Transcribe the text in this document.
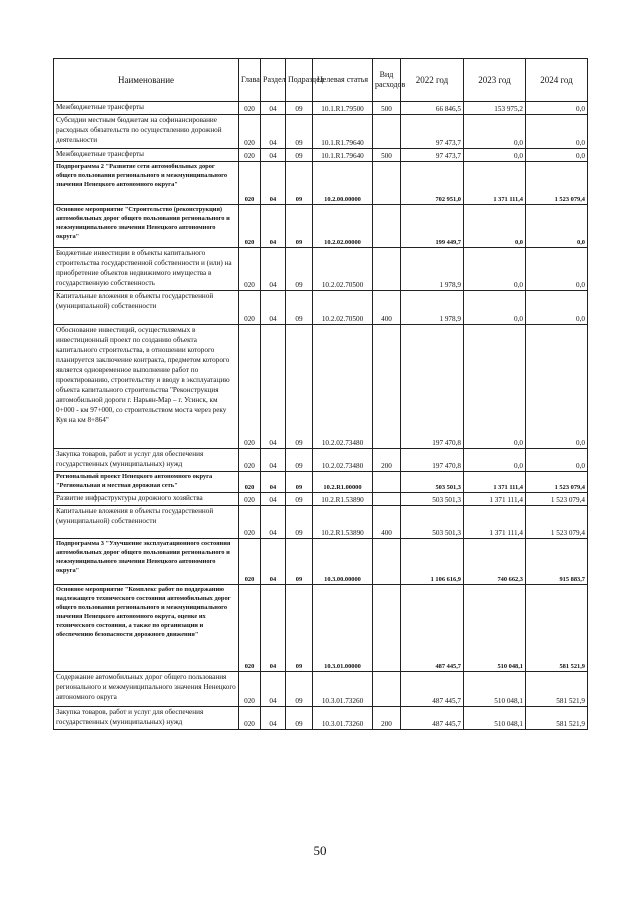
Наименование	Глава	Раздел	Подраздел	Целевая статья	Вид расходов	2022 год	2023 год	2024 год
Межбюджетные трансферты	020	04	09	10.1.R1.79500	500	66 846,5	153 975,2	0,0
Субсидии местным бюджетам на софинансирование расходных обязательств по осуществлению дорожной деятельности	020	04	09	10.1.R1.79640		97 473,7	0,0	0,0
Межбюджетные трансферты	020	04	09	10.1.R1.79640	500	97 473,7	0,0	0,0
Подпрограмма 2 "Развитие сети автомобильных дорог общего пользования регионального и межмуниципального значения Ненецкого автономного округа"	020	04	09	10.2.00.00000		702 951,0	1 371 111,4	1 523 079,4
Основное мероприятие "Строительство (реконструкция) автомобильных дорог общего пользования регионального и межмуниципального значения Ненецкого автономного округа"	020	04	09	10.2.02.00000		199 449,7	0,0	0,0
Бюджетные инвестиции в объекты капитального строительства государственной собственности и (или) на приобретение объектов недвижимого имущества в государственную собственность	020	04	09	10.2.02.70500		1 978,9	0,0	0,0
Капитальные вложения в объекты государственной (муниципальной) собственности	020	04	09	10.2.02.70500	400	1 978,9	0,0	0,0
Обоснование инвестиций, осуществляемых в инвестиционный проект по созданию объекта капитального строительства, в отношении которого планируется заключение контракта, предметом которого является одновременное выполнение работ по проектированию, строительству и вводу в эксплуатацию объекта капитального строительства "Реконструкция автомобильной дороги г. Нарьян-Мар – г. Усинск, км 0+000 - км 97+000, со строительством моста через реку Куя на км 8+864"	020	04	09	10.2.02.73480		197 470,8	0,0	0,0
Закупка товаров, работ и услуг для обеспечения государственных (муниципальных) нужд	020	04	09	10.2.02.73480	200	197 470,8	0,0	0,0
Региональный проект Ненецкого автономного округа "Региональная и местная дорожная сеть"	020	04	09	10.2.R1.00000		503 501,3	1 371 111,4	1 523 079,4
Развитие инфраструктуры дорожного хозяйства	020	04	09	10.2.R1.53890		503 501,3	1 371 111,4	1 523 079,4
Капитальные вложения в объекты государственной (муниципальной) собственности	020	04	09	10.2.R1.53890	400	503 501,3	1 371 111,4	1 523 079,4
Подпрограмма 3 "Улучшение эксплуатационного состояния автомобильных дорог общего пользования регионального и межмуниципального значения Ненецкого автономного округа"	020	04	09	10.3.00.00000		1 106 616,9	740 662,3	915 883,7
Основное мероприятие "Комплекс работ по поддержанию надлежащего технического состояния автомобильных дорог общего пользования регионального и межмуниципального значения Ненецкого автономного округа, оценке их технического состояния, а также по организации и обеспечению безопасности дорожного движения"	020	04	09	10.3.01.00000		487 445,7	510 048,1	581 521,9
Содержание автомобильных дорог общего пользования регионального и межмуниципального значения Ненецкого автономного округа	020	04	09	10.3.01.73260		487 445,7	510 048,1	581 521,9
Закупка товаров, работ и услуг для обеспечения государственных (муниципальных) нужд	020	04	09	10.3.01.73260	200	487 445,7	510 048,1	581 521,9
50
